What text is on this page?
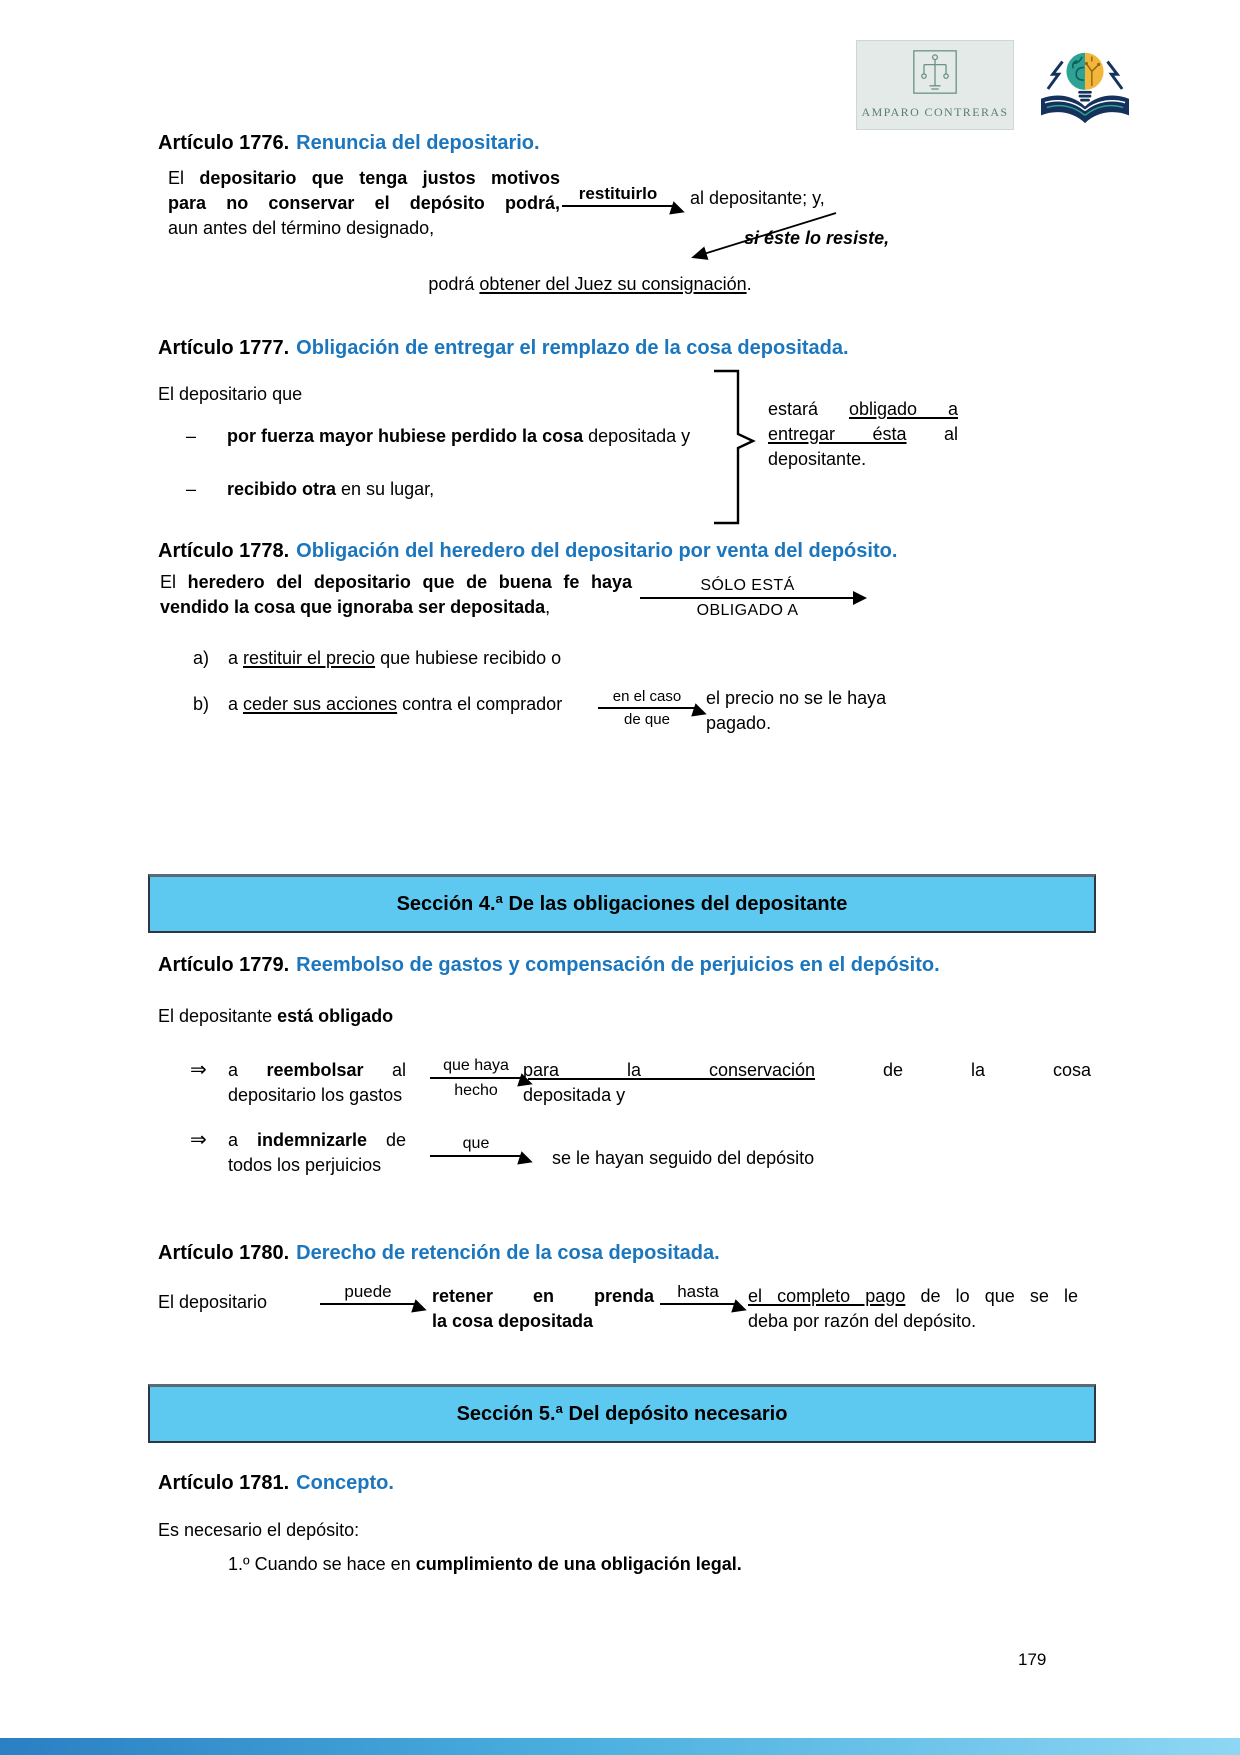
AMPARO CONTRERAS
Artículo 1776. Renuncia del depositario.
El depositario que tenga justos motivos
para no conservar el depósito podrá,
aun antes del término designado,
restituirlo al depositante; y,
si éste lo resiste,
podrá obtener del Juez su consignación.
Artículo 1777. Obligación de entregar el remplazo de la cosa depositada.
El depositario que
–	por fuerza mayor hubiese perdido la cosa depositada y
–	recibido otra en su lugar,
estará obligado a
entregar ésta al
depositante.
Artículo 1778. Obligación del heredero del depositario por venta del depósito.
El heredero del depositario que de buena fe haya
vendido la cosa que ignoraba ser depositada,
SÓLO ESTÁ
OBLIGADO A
a)	a restituir el precio que hubiese recibido o
b)	a ceder sus acciones contra el comprador	en el caso
de que
el precio no se le haya
pagado.
Sección 4.ª De las obligaciones del depositante
Artículo 1779. Reembolso de gastos y compensación de perjuicios en el depósito.
El depositante está obligado
⇒	a reembolsar al
depositario los gastos
que haya
hecho
para la conservación de la cosa
depositada y
⇒	a indemnizarle de
todos los perjuicios
que
se le hayan seguido del depósito
Artículo 1780. Derecho de retención de la cosa depositada.
El depositario
puede retener en prenda
la cosa depositada
hasta el completo pago de lo que se le
deba por razón del depósito.
Sección 5.ª Del depósito necesario
Artículo 1781. Concepto.
Es necesario el depósito:
1.º Cuando se hace en cumplimiento de una obligación legal.
179
